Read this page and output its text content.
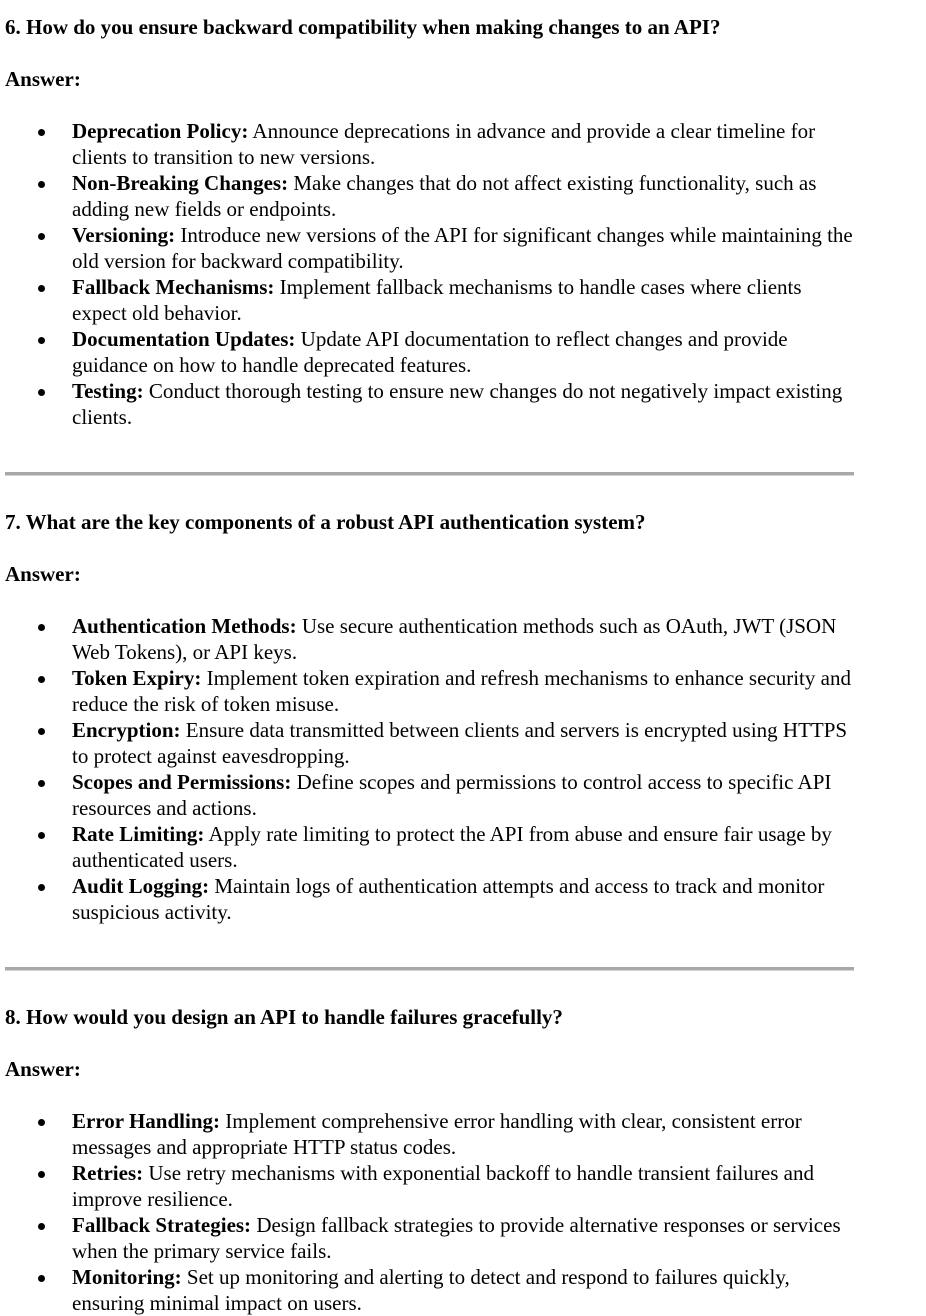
6. How do you ensure backward compatibility when making changes to an API?
Answer:
Deprecation Policy: Announce deprecations in advance and provide a clear timeline for clients to transition to new versions.
Non-Breaking Changes: Make changes that do not affect existing functionality, such as adding new fields or endpoints.
Versioning: Introduce new versions of the API for significant changes while maintaining the old version for backward compatibility.
Fallback Mechanisms: Implement fallback mechanisms to handle cases where clients expect old behavior.
Documentation Updates: Update API documentation to reflect changes and provide guidance on how to handle deprecated features.
Testing: Conduct thorough testing to ensure new changes do not negatively impact existing clients.
7. What are the key components of a robust API authentication system?
Answer:
Authentication Methods: Use secure authentication methods such as OAuth, JWT (JSON Web Tokens), or API keys.
Token Expiry: Implement token expiration and refresh mechanisms to enhance security and reduce the risk of token misuse.
Encryption: Ensure data transmitted between clients and servers is encrypted using HTTPS to protect against eavesdropping.
Scopes and Permissions: Define scopes and permissions to control access to specific API resources and actions.
Rate Limiting: Apply rate limiting to protect the API from abuse and ensure fair usage by authenticated users.
Audit Logging: Maintain logs of authentication attempts and access to track and monitor suspicious activity.
8. How would you design an API to handle failures gracefully?
Answer:
Error Handling: Implement comprehensive error handling with clear, consistent error messages and appropriate HTTP status codes.
Retries: Use retry mechanisms with exponential backoff to handle transient failures and improve resilience.
Fallback Strategies: Design fallback strategies to provide alternative responses or services when the primary service fails.
Monitoring: Set up monitoring and alerting to detect and respond to failures quickly, ensuring minimal impact on users.
